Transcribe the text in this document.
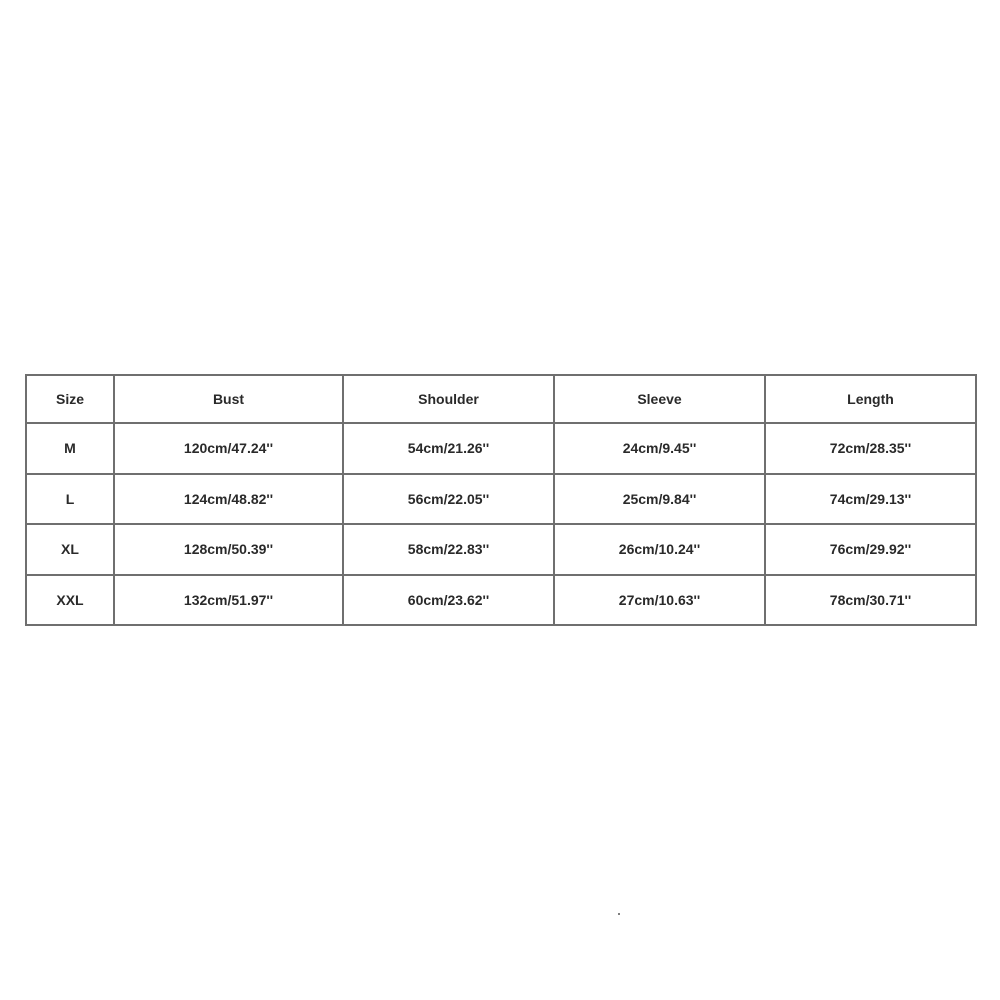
Size	Bust	Shoulder	Sleeve	Length
M	120cm/47.24''	54cm/21.26''	24cm/9.45''	72cm/28.35''
L	124cm/48.82''	56cm/22.05''	25cm/9.84''	74cm/29.13''
XL	128cm/50.39''	58cm/22.83''	26cm/10.24''	76cm/29.92''
XXL	132cm/51.97''	60cm/23.62''	27cm/10.63''	78cm/30.71''
